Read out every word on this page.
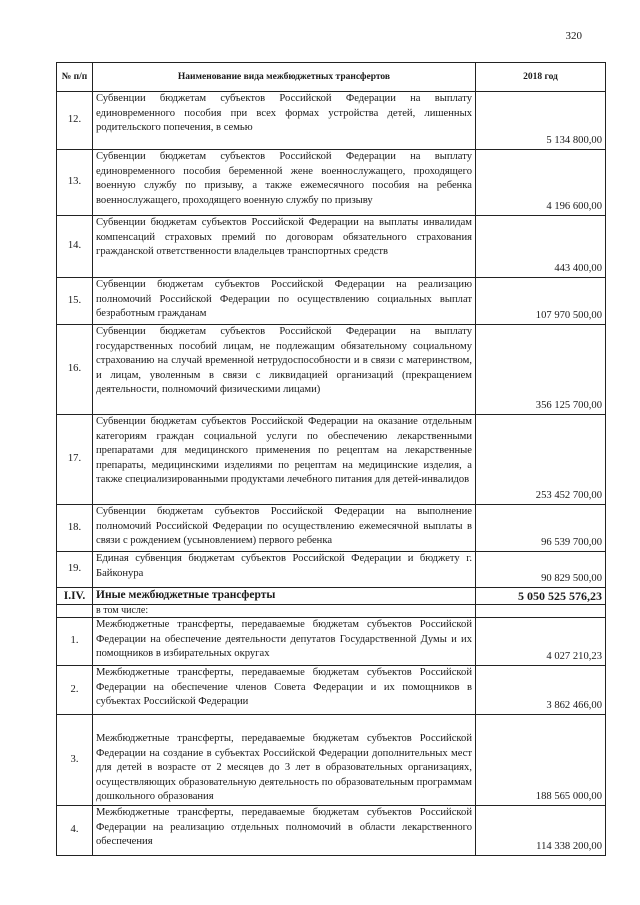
320
№ п/п	Наименование вида межбюджетных трансфертов	2018 год
12.	Субвенции бюджетам субъектов Российской Федерации на выплату единовременного пособия при всех формах устройства детей, лишенных родительского попечения, в семью	5 134 800,00
13.	Субвенции бюджетам субъектов Российской Федерации на выплату единовременного пособия беременной жене военнослужащего, проходящего военную службу по призыву, а также ежемесячного пособия на ребенка военнослужащего, проходящего военную службу по призыву	4 196 600,00
14.	Субвенции бюджетам субъектов Российской Федерации на выплаты инвалидам компенсаций страховых премий по договорам обязательного страхования гражданской ответственности владельцев транспортных средств	443 400,00
15.	Субвенции бюджетам субъектов Российской Федерации на реализацию полномочий Российской Федерации по осуществлению социальных выплат безработным гражданам	107 970 500,00
16.	Субвенции бюджетам субъектов Российской Федерации на выплату государственных пособий лицам, не подлежащим обязательному социальному страхованию на случай временной нетрудоспособности и в связи с материнством, и лицам, уволенным в связи с ликвидацией организаций (прекращением деятельности, полномочий физическими лицами)	356 125 700,00
17.	Субвенции бюджетам субъектов Российской Федерации на оказание отдельным категориям граждан социальной услуги по обеспечению лекарственными препаратами для медицинского применения по рецептам на лекарственные препараты, медицинскими изделиями по рецептам на медицинские изделия, а также специализированными продуктами лечебного питания для детей-инвалидов	253 452 700,00
18.	Субвенции бюджетам субъектов Российской Федерации на выполнение полномочий Российской Федерации по осуществлению ежемесячной выплаты в связи с рождением (усыновлением) первого ребенка	96 539 700,00
19.	Единая субвенция бюджетам субъектов Российской Федерации и бюджету г. Байконура	90 829 500,00
I.IV.	Иные межбюджетные трансферты	5 050 525 576,23
	в том числе:	
1.	Межбюджетные трансферты, передаваемые бюджетам субъектов Российской Федерации на обеспечение деятельности депутатов Государственной Думы и их помощников в избирательных округах	4 027 210,23
2.	Межбюджетные трансферты, передаваемые бюджетам субъектов Российской Федерации на обеспечение членов Совета Федерации и их помощников в субъектах Российской Федерации	3 862 466,00
3.	Межбюджетные трансферты, передаваемые бюджетам субъектов Российской Федерации на создание в субъектах Российской Федерации дополнительных мест для детей в возрасте от 2 месяцев до 3 лет в образовательных организациях, осуществляющих образовательную деятельность по образовательным программам дошкольного образования	188 565 000,00
4.	Межбюджетные трансферты, передаваемые бюджетам субъектов Российской Федерации на реализацию отдельных полномочий в области лекарственного обеспечения	114 338 200,00
